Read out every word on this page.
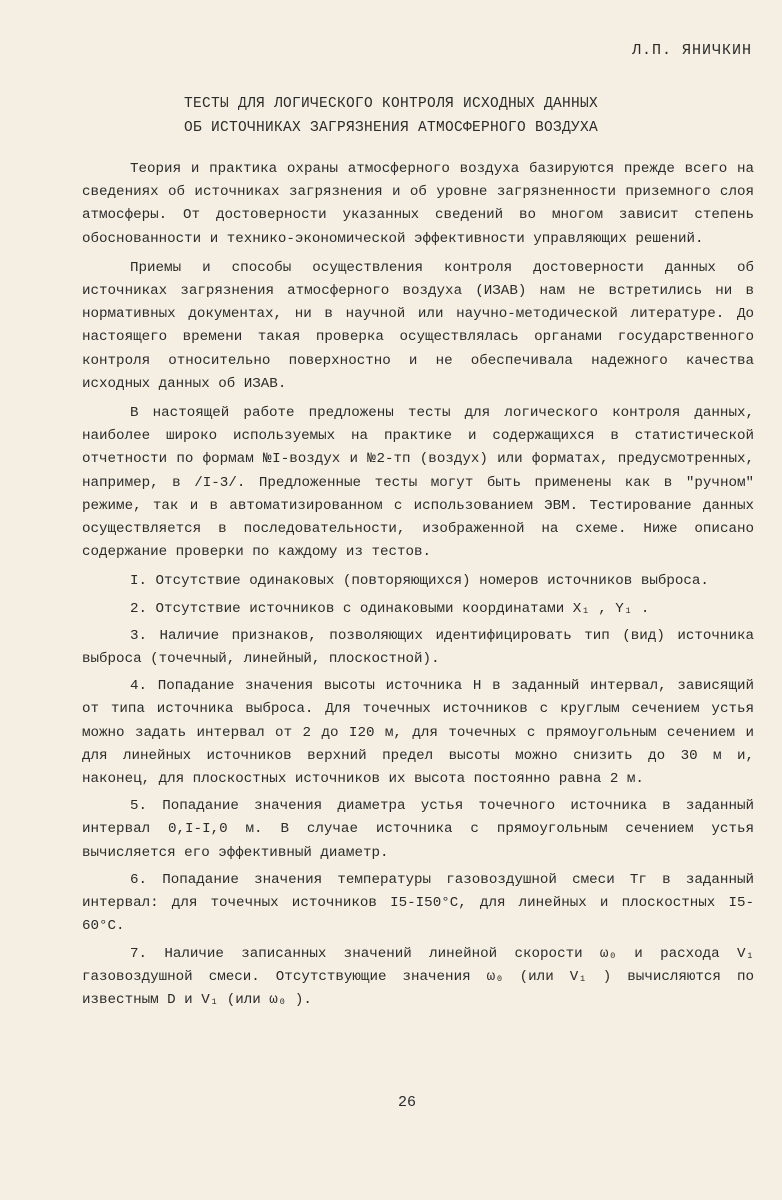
Л.П. ЯНИЧКИН
ТЕСТЫ ДЛЯ ЛОГИЧЕСКОГО КОНТРОЛЯ ИСХОДНЫХ ДАННЫХ
ОБ ИСТОЧНИКАХ ЗАГРЯЗНЕНИЯ АТМОСФЕРНОГО ВОЗДУХА

Теория и практика охраны атмосферного воздуха базируются прежде всего на сведениях об источниках загрязнения и об уровне загрязненности приземного слоя атмосферы. От достоверности указанных сведений во многом зависит степень обоснованности и технико-экономической эффективности управляющих решений.

Приемы и способы осуществления контроля достоверности данных об источниках загрязнения атмосферного воздуха (ИЗАВ) нам не встретились ни в нормативных документах, ни в научной или научно-методической литературе. До настоящего времени такая проверка осуществлялась органами государственного контроля относительно поверхностно и не обеспечивала надежного качества исходных данных об ИЗАВ.

В настоящей работе предложены тесты для логического контроля данных, наиболее широко используемых на практике и содержащихся в статистической отчетности по формам №I-воздух и №2-тп (воздух) или форматах, предусмотренных, например, в /I-3/. Предложенные тесты могут быть применены как в "ручном" режиме, так и в автоматизированном с использованием ЭВМ. Тестирование данных осуществляется в последовательности, изображенной на схеме. Ниже описано содержание проверки по каждому из тестов.

I. Отсутствие одинаковых (повторяющихся) номеров источников выброса.

2. Отсутствие источников с одинаковыми координатами X₁ , Y₁ .

3. Наличие признаков, позволяющих идентифицировать тип (вид) источника выброса (точечный, линейный, плоскостной).

4. Попадание значения высоты источника H в заданный интервал, зависящий от типа источника выброса. Для точечных источников с круглым сечением устья можно задать интервал от 2 до I20 м, для точечных с прямоугольным сечением и для линейных источников верхний предел высоты можно снизить до 30 м и, наконец, для плоскостных источников их высота постоянно равна 2 м.

5. Попадание значения диаметра устья точечного источника в заданный интервал 0,I-I,0 м. В случае источника с прямоугольным сечением устья вычисляется его эффективный диаметр.

6. Попадание значения температуры газовоздушной смеси Tг в заданный интервал: для точечных источников I5-I50°С, для линейных и плоскостных I5-60°С.

7. Наличие записанных значений линейной скорости ω₀ и расхода V₁ газовоздушной смеси. Отсутствующие значения ω₀ (или V₁ ) вычисляются по известным D и V₁ (или ω₀ ).

26
